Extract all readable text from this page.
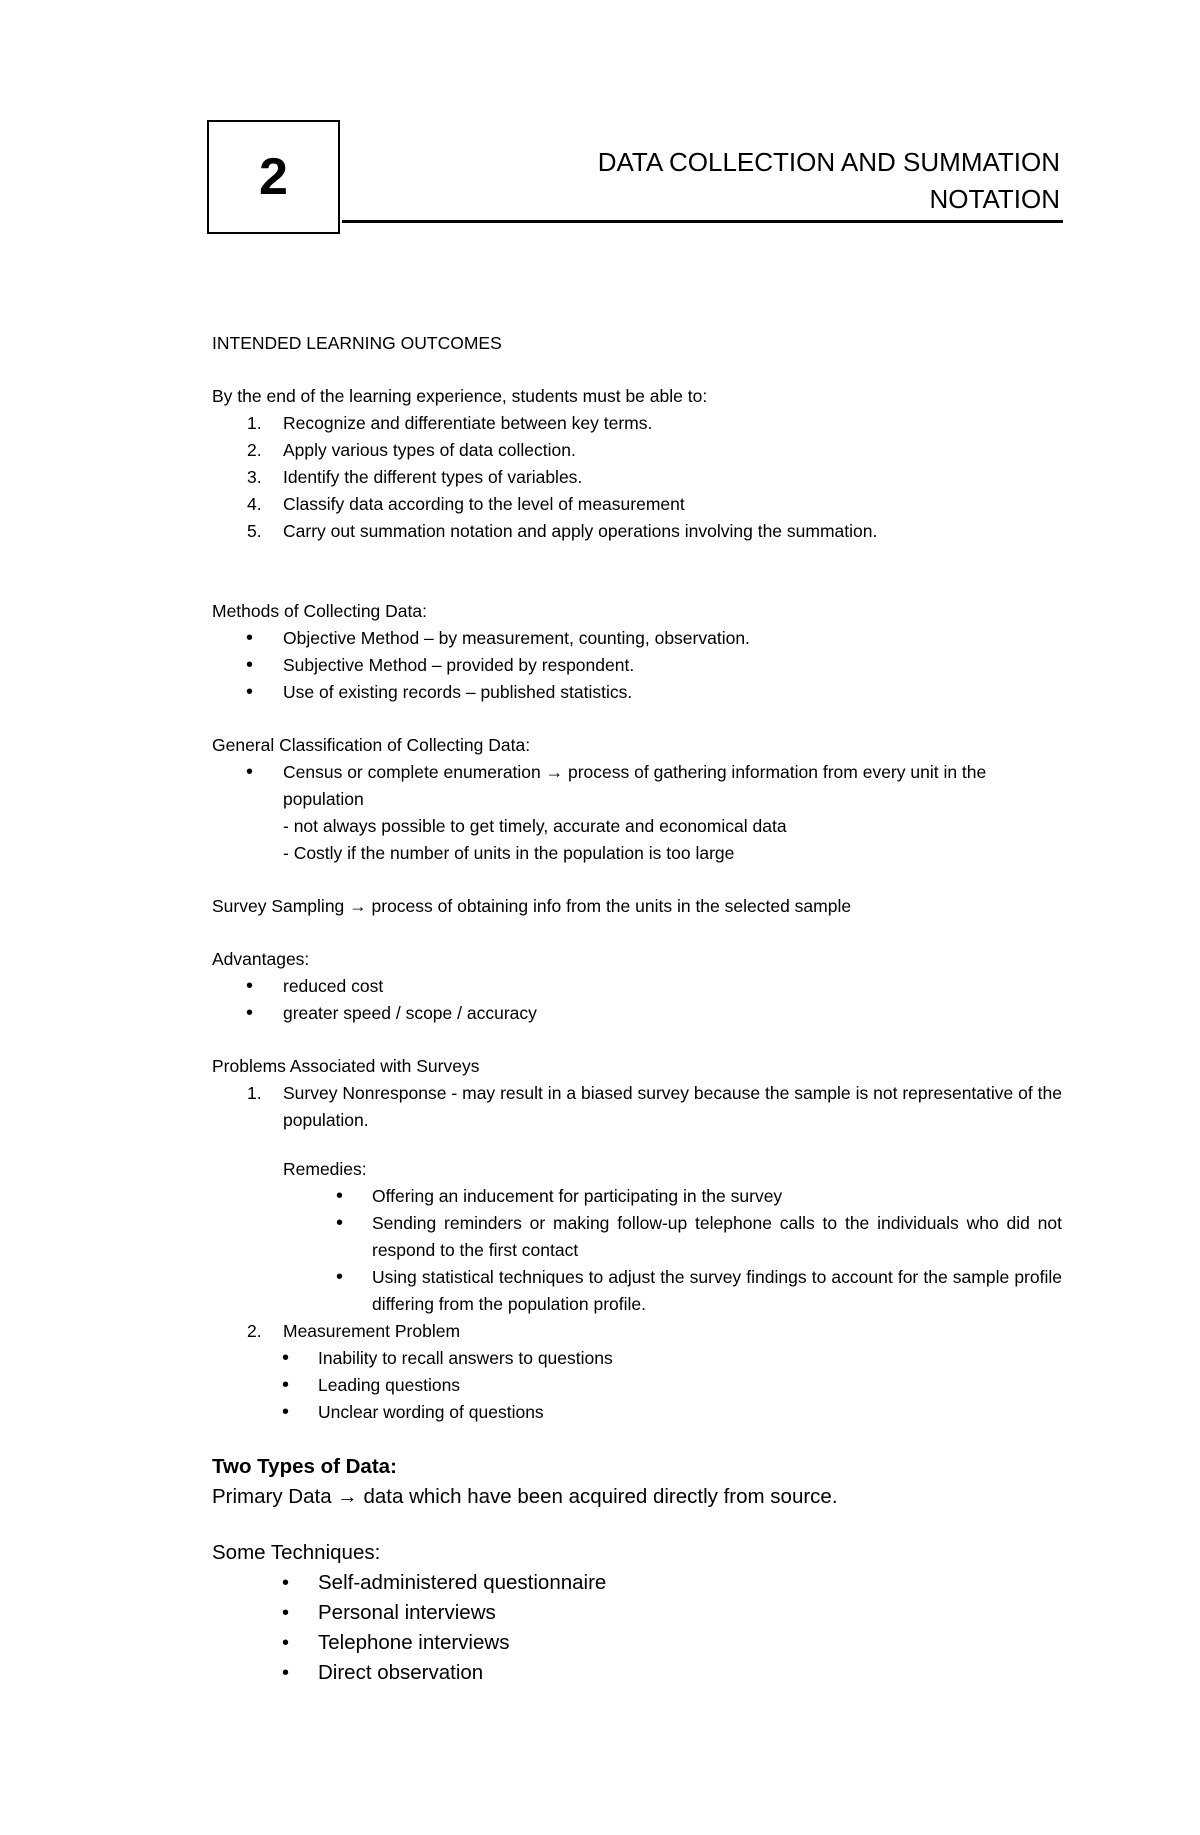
2	DATA COLLECTION AND SUMMATION
NOTATION

INTENDED LEARNING OUTCOMES

By the end of the learning experience, students must be able to:

1. Recognize and differentiate between key terms.
2. Apply various types of data collection.
3. Identify the different types of variables.
4. Classify data according to the level of measurement
5. Carry out summation notation and apply operations involving the summation.

Methods of Collecting Data:

• Objective Method – by measurement, counting, observation.
• Subjective Method – provided by respondent.
• Use of existing records – published statistics.

General Classification of Collecting Data:

• Census or complete enumeration → process of gathering information from every unit in the population
- not always possible to get timely, accurate and economical data
- Costly if the number of units in the population is too large

Survey Sampling → process of obtaining info from the units in the selected sample

Advantages:

• reduced cost
• greater speed / scope / accuracy

Problems Associated with Surveys

1. Survey Nonresponse - may result in a biased survey because the sample is not representative of the population.
Remedies:
• Offering an inducement for participating in the survey
• Sending reminders or making follow-up telephone calls to the individuals who did not respond to the first contact
• Using statistical techniques to adjust the survey findings to account for the sample profile differing from the population profile.
2. Measurement Problem
• Inability to recall answers to questions
• Leading questions
• Unclear wording of questions

Two Types of Data:

Primary Data → data which have been acquired directly from source.

Some Techniques:

• Self-administered questionnaire
• Personal interviews
• Telephone interviews
• Direct observation
